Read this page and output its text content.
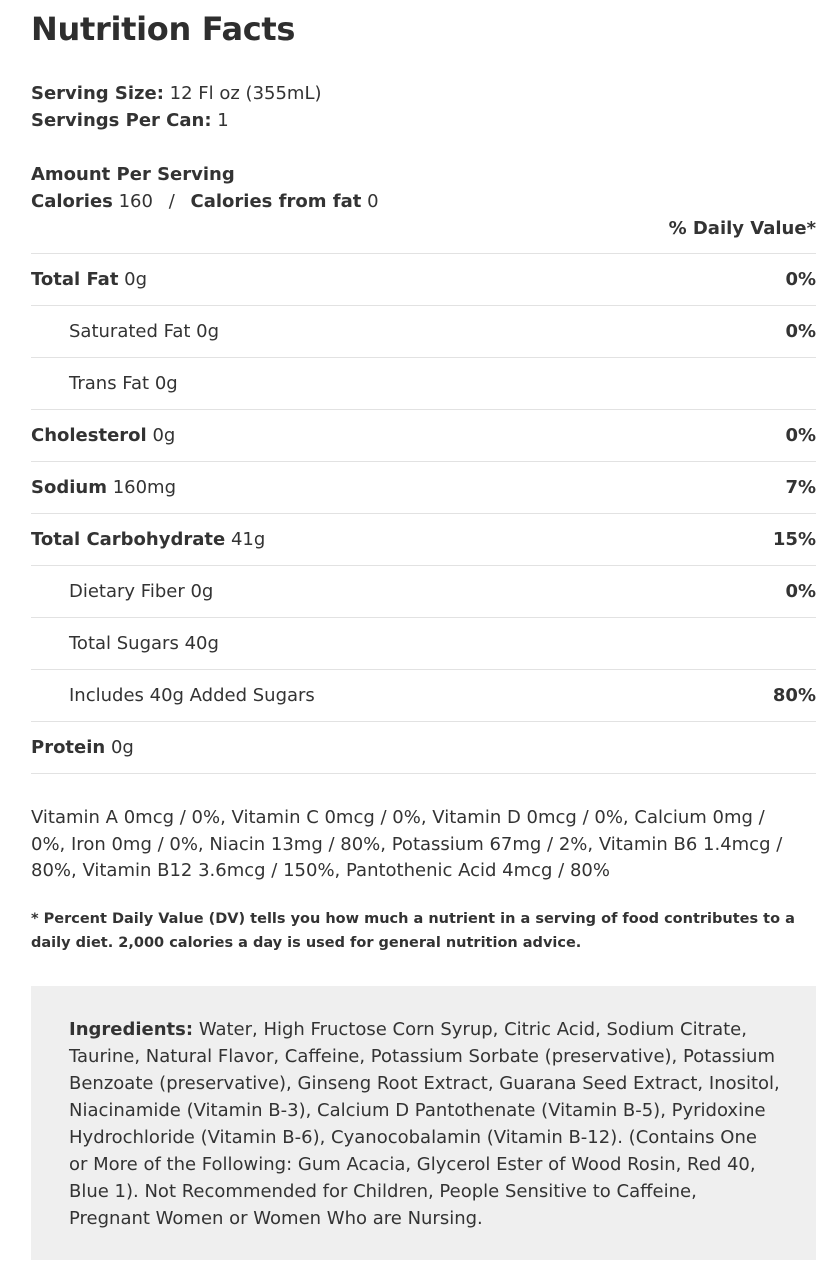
Nutrition Facts
Serving Size: 12 Fl oz (355mL)
Servings Per Can: 1
Amount Per Serving
Calories 160 / Calories from fat 0
% Daily Value*
Total Fat 0g	0%
Saturated Fat 0g	0%
Trans Fat 0g
Cholesterol 0g	0%
Sodium 160mg	7%
Total Carbohydrate 41g	15%
Dietary Fiber 0g	0%
Total Sugars 40g
Includes 40g Added Sugars	80%
Protein 0g
Vitamin A 0mcg / 0%, Vitamin C 0mcg / 0%, Vitamin D 0mcg / 0%, Calcium 0mg / 0%, Iron 0mg / 0%, Niacin 13mg / 80%, Potassium 67mg / 2%, Vitamin B6 1.4mcg / 80%, Vitamin B12 3.6mcg / 150%, Pantothenic Acid 4mcg / 80%
* Percent Daily Value (DV) tells you how much a nutrient in a serving of food contributes to a daily diet. 2,000 calories a day is used for general nutrition advice.
Ingredients: Water, High Fructose Corn Syrup, Citric Acid, Sodium Citrate, Taurine, Natural Flavor, Caffeine, Potassium Sorbate (preservative), Potassium Benzoate (preservative), Ginseng Root Extract, Guarana Seed Extract, Inositol, Niacinamide (Vitamin B-3), Calcium D Pantothenate (Vitamin B-5), Pyridoxine Hydrochloride (Vitamin B-6), Cyanocobalamin (Vitamin B-12). (Contains One or More of the Following: Gum Acacia, Glycerol Ester of Wood Rosin, Red 40, Blue 1). Not Recommended for Children, People Sensitive to Caffeine, Pregnant Women or Women Who are Nursing.
